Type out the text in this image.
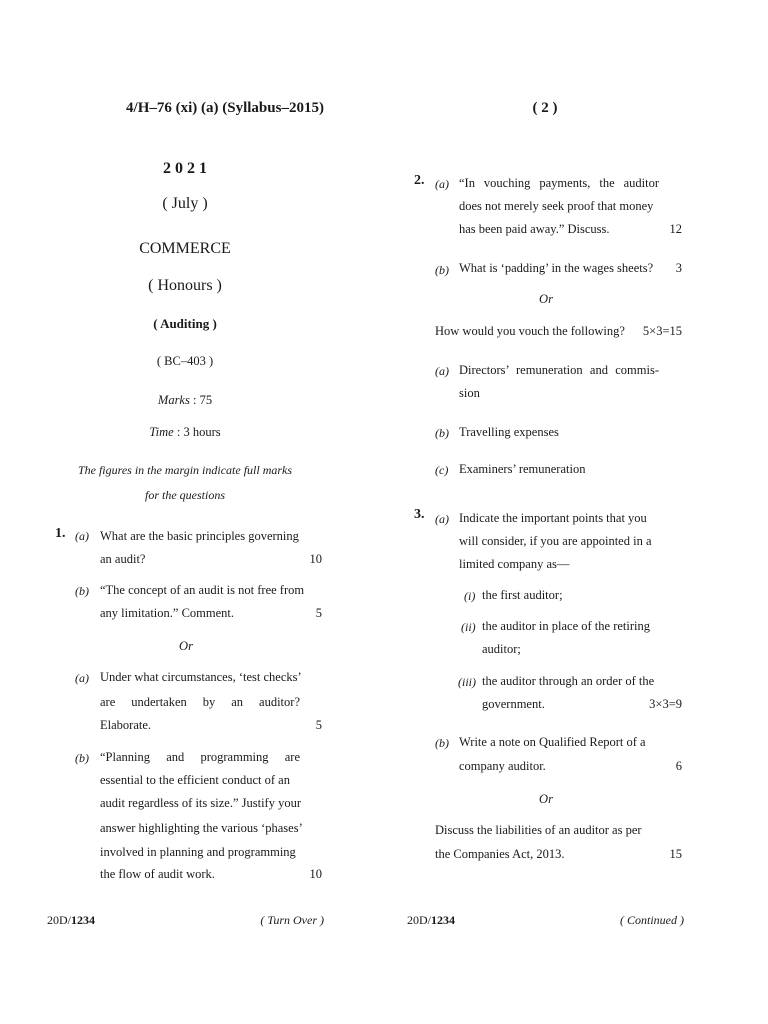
4/H–76 (xi) (a) (Syllabus–2015)
2 0 2 1
( July )
COMMERCE
( Honours )
( Auditing )
( BC–403 )
Marks : 75
Time : 3 hours
The figures in the margin indicate full marks
for the questions
1. (a) What are the basic principles governing
an audit?	10
(b) “The concept of an audit is not free from
any limitation.” Comment.	5
Or
(a) Under what circumstances, ‘test checks’
are undertaken by an auditor?
Elaborate.	5
(b) “Planning and programming are
essential to the efficient conduct of an
audit regardless of its size.” Justify your
answer highlighting the various ‘phases’
involved in planning and programming
the flow of audit work.	10
20D/1234	( Turn Over )
( 2 )
2. (a) “In vouching payments, the auditor
does not merely seek proof that money
has been paid away.” Discuss.	12
(b) What is ‘padding’ in the wages sheets?	3
Or
How would you vouch the following?	5×3=15
(a) Directors’ remuneration and commis-
sion
(b) Travelling expenses
(c) Examiners’ remuneration
3. (a) Indicate the important points that you
will consider, if you are appointed in a
limited company as—
(i) the first auditor;
(ii) the auditor in place of the retiring
auditor;
(iii) the auditor through an order of the
government.	3×3=9
(b) Write a note on Qualified Report of a
company auditor.	6
Or
Discuss the liabilities of an auditor as per
the Companies Act, 2013.	15
20D/1234	( Continued )
